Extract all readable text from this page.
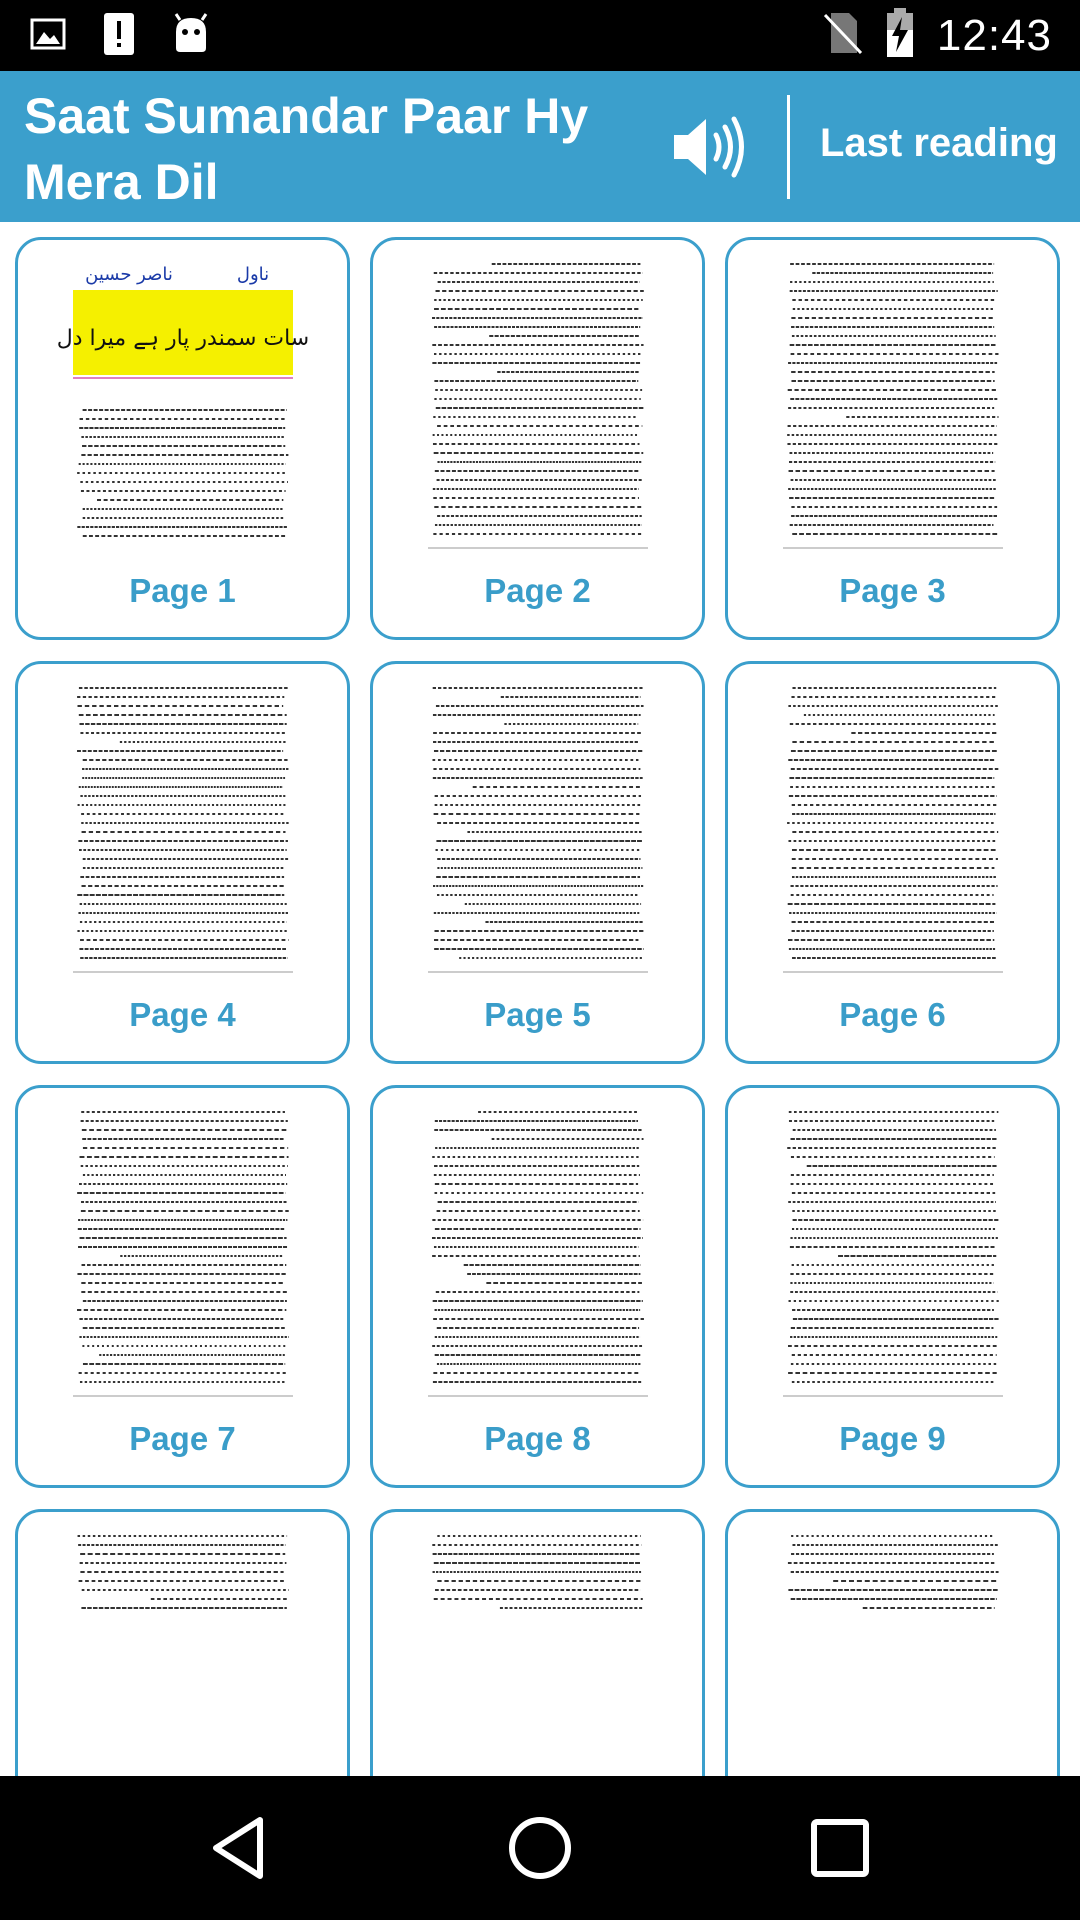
12:43
Saat Sumandar Paar Hy Mera Dil
Last reading
ناصر حسین	ناول
سات سمندر پار ہے میرا دل
Page 1	Page 2	Page 3
Page 4	Page 5	Page 6
Page 7	Page 8	Page 9
